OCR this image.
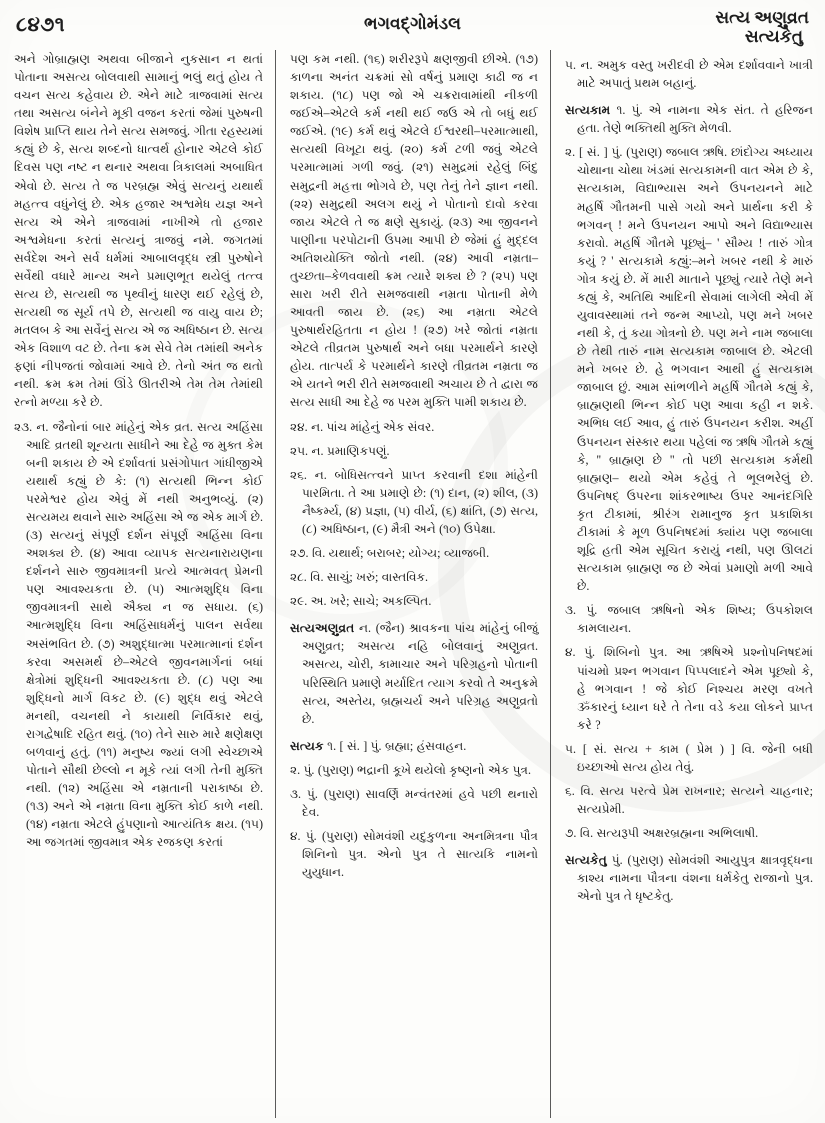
૮૪૭૧	ભગવદ્ગોમંડલ	સત્ય અણુવ્રત
સત્યકેતુ

અને ગોબ્રાહ્મણ અથવા બીજાને નુકસાન ન થતાં પોતાના અસત્ય બોલવાથી સામાનું ભલું થતું હોય તે વચન સત્ય કહેવાય છે. એને માટે ત્રાજવામાં સત્ય તથા અસત્ય બંનેને મૂકી વજન કરતાં જેમાં પુરુષની વિશેષ પ્રાપ્તિ થાય તેને સત્ય સમજવું. ગીતા રહસ્યમાં કહ્યું છે કે, સત્ય શબ્દનો ધાત્વર્થ હોનાર એટલે કોઈ દિવસ પણ નષ્ટ ન થનાર અથવા ત્રિકાલમાં અબાધિત એવો છે. સત્ય તે જ પરબ્રહ્મ એવું સત્યનું યથાર્થ મહત્ત્વ વધુંનેલું છે. એક હજાર અશ્વમેધ યજ્ઞ અને સત્ય એ એને ત્રાજવામાં નાખીએ તો હજાર અશ્વમેધના કરતાં સત્યનું ત્રાજવું નમે. જગતમાં સર્વદેશ અને સર્વ ધર્મમાં આબાલવૃદ્ધ સ્ત્રી પુરુષોને સર્વેથી વધારે માન્ય અને પ્રમાણભૂત થયેલું તત્ત્વ સત્ય છે, સત્યથી જ પૃથ્વીનું ધારણ થઈ રહેલું છે, સત્યથી જ સૂર્ય તપે છે, સત્યથી જ વાયુ વાય છે; મતલબ કે આ સર્વેનું સત્ય એ જ અધિષ્ઠાન છે. સત્ય એક વિશાળ વટ છે. તેના ક્રમ સેવે તેમ તમાંથી અનેક ફણાં નીપજતાં જોવામાં આવે છે. તેનો અંત જ થતો નથી. ક્રમ ક્રમ તેમાં ઊંડે ઊતરીએ તેમ તેમ તેમાંથી રત્નો મળ્યા કરે છે.

૨૩. ન. જૈનોનાં બાર માંહેનું એક વ્રત. સત્ય અહિંસા આદિ વ્રતથી શૂન્યતા સાધીને આ દેહે જ મુક્ત કેમ બની શકાય છે એ દર્શાવતાં પ્રસંગોપાત ગાંધીજીએ યથાર્થ કહ્યું છે કે: (૧) સત્યથી ભિન્ન કોઈ પરમેશ્વર હોય એવું મેં નથી અનુભવ્યું. (૨) સત્યમય થવાને સારુ અહિંસા એ જ એક માર્ગ છે. (૩) સત્યનું સંપૂર્ણ દર્શન સંપૂર્ણ અહિંસા વિના અશક્ય છે. (૪) આવા વ્યાપક સત્યનારાયણના દર્શનને સારુ જીવમાત્રની પ્રત્યે આત્મવત્ પ્રેમની પણ આવશ્યકતા છે. (૫) આત્મશુદ્ધિ વિના જીવમાત્રની સાથે ઐક્ય ન જ સધાય. (૬) આત્મશુદ્ધિ વિના અહિંસાધર્મનું પાલન સર્વથા અસંભવિત છે. (૭) અશુદ્ધાત્મા પરમાત્માનાં દર્શન કરવા અસમર્થ છે–એટલે જીવનમાર્ગનાં બધાં ક્ષેત્રોમાં શુદ્ધિની આવશ્યકતા છે. (૮) પણ આ શુદ્ધિનો માર્ગ વિકટ છે. (૯) શુદ્ધ થવું એટલે મનથી, વચનથી ને કાયાથી નિર્વિકાર થવું, રાગદ્વેષાદિ રહિત થવું. (૧૦) તેને સારુ મારે ક્ષણેક્ષણ બળવાનું હતું. (૧૧) મનુષ્ય જ્યાં લગી સ્વેચ્છાએ પોતાને સૌથી છેલ્લો ન મૂકે ત્યાં લગી તેની મુક્તિ નથી. (૧૨) અહિંસા એ નમ્રતાની પરાકાષ્ઠા છે. (૧૩) અને એ નમ્રતા વિના મુક્તિ કોઈ કાળે નથી. (૧૪) નમ્રતા એટલે હુંપણાનો આત્યંતિક ક્ષય. (૧૫) આ જગતમાં જીવમાત્ર એક રજકણ કરતાં

પણ કમ નથી. (૧૬) શરીરરૂપે ક્ષણજીવી છીએ. (૧૭) કાળના અનંત ચક્રમાં સો વર્ષનું પ્રમાણ કાઢી જ ન શકાય. (૧૮) પણ જો એ ચક્રરાવામાંથી નીકળી જઈએ–એટલે કર્મ નથી થઈ જઉ એ તો બધું થઈ જઈએ. (૧૯) કર્મ થવું એટલે ઈશ્વરથી–પરમાત્માથી, સત્યથી વિખૂટા થવું. (૨૦) કર્મ ટળી જવું એટલે પરમાત્મામાં ગળી જવું. (૨૧) સમુદ્રમાં રહેલું બિંદુ સમુદ્રની મહત્તા ભોગવે છે, પણ તેનું તેને જ્ઞાન નથી. (૨૨) સમુદ્રથી અલગ થયું ને પોતાનો દાવો કરવા જાય એટલે તે જ ક્ષણે સુકાયું. (૨૩) આ જીવનને પાણીના પરપોટાની ઉપમા આપી છે જેમાં હું મુદ્દલ અતિશયોક્તિ જોતો નથી. (૨૪) આવી નમ્રતા–તુચ્છતા–કેળવવાથી ક્રમ ત્યારે શક્ય છે ? (૨૫) પણ સારા ખરી રીતે સમજવાથી નમ્રતા પોતાની મેળે આવતી જાય છે. (૨૬) આ નમ્રતા એટલે પુરુષાર્થરહિતતા ન હોય ! (૨૭) ખરે જોતાં નમ્રતા એટલે તીવ્રતમ પુરુષાર્થ અને બધા પરમાર્થને કારણે હોય. તાત્પર્ય કે પરમાર્થને કારણે તીવ્રતમ નમ્રતા જ એ યતને ભરી રીતે સમજવાથી અચાય છે તે દ્વારા જ સત્ય સાધી આ દેહે જ પરમ મુક્તિ પામી શકાય છે.

૨૪. ન. પાંચ માંહેનું એક સંવર.

૨૫. ન. પ્રમાણિકપણું.

૨૬. ન. બોધિસત્ત્વને પ્રાપ્ત કરવાની દશા માંહેની પારમિતા. તે આ પ્રમાણે છે: (૧) દાન, (૨) શીલ, (૩) નૈષ્કર્મ્ય, (૪) પ્રજ્ઞા, (૫) વીર્ય, (૬) ક્ષાંતિ, (૭) સત્ય, (૮) અધિષ્ઠાન, (૯) મૈત્રી અને (૧૦) ઉપેક્ષા.

૨૭. વિ. યથાર્થ; બરાબર; યોગ્ય; વ્યાજબી.

૨૮. વિ. સાચું; ખરું; વાસ્તવિક.

૨૯. અ. ખરે; સાચે; અકલ્પિત.

સત્યઅણુવ્રત ન. (જૈન) શ્રાવકના પાંચ માંહેનું બીજું અણુવ્રત; અસત્ય નહિ બોલવાનું અણુવ્રત. અસત્ય, ચોરી, કામાચાર અને પરિગ્રહનો પોતાની પરિસ્થિતિ પ્રમાણે મર્યાદિત ત્યાગ કરવો તે અનુક્રમે સત્ય, અસ્તેય, બ્રહ્મચર્ય અને પરિગ્રહ અણુવ્રતો છે.

સત્યક ૧. [ સં. ] પું. બ્રહ્મા; હંસવાહન.

૨. પું. (પુરાણ) ભદ્રાની કૂખે થયેલો કૃષ્ણનો એક પુત્ર.

૩. પું. (પુરાણ) સાવર્ણિ મન્વંતરમાં હવે પછી થનારો દેવ.

૪. પું. (પુરાણ) સોમવંશી યદુકુળના અનમિત્રના પૌત્ર શિનિનો પુત્ર. એનો પુત્ર તે સાત્યકિ નામનો યુયુધાન.

૫. ન. અમુક વસ્તુ ખરીદવી છે એમ દર્શાવવાને ખાત્રી માટે અપાતું પ્રથમ બહાનું.

સત્યકામ ૧. પું. એ નામના એક સંત. તે હરિજન હતા. તેણે ભક્તિથી મુક્તિ મેળવી.

૨. [ સં. ] પું. (પુરાણ) જબાલ ઋષિ. છાંદોગ્ય અધ્યાય ચોથાના ચોથા ખંડમાં સત્યકામની વાત એમ છે કે, સત્યકામ, વિદ્યાભ્યાસ અને ઉપનયનને માટે મહર્ષિ ગૌતમની પાસે ગયો અને પ્રાર્થના કરી કે ભગવન્ ! મને ઉપનયન આપો અને વિદ્યાભ્યાસ કરાવો. મહર્ષિ ગૌતમે પૂછ્યું– ' સૌમ્ય ! તારું ગોત્ર કયું ? ' સત્યકામે કહ્યું:–મને ખબર નથી કે મારું ગોત્ર કયું છે. મેં મારી માતાને પૂછ્યું ત્યારે તેણે મને કહ્યું કે, અતિથિ આદિની સેવામાં લાગેલી એવી મેં યુવાવસ્થામાં તને જન્મ આપ્યો, પણ મને ખબર નથી કે, તું કયા ગોત્રનો છે. પણ મને નામ જબાલા છે તેથી તારું નામ સત્યકામ જાબાલ છે. એટલી મને ખબર છે. હે ભગવાન આથી હું સત્યકામ જાબાલ છું. આમ સાંભળીને મહર્ષિ ગૌતમે કહ્યું કે, બ્રાહ્મણથી ભિન્ન કોઈ પણ આવા કહી ન શકે. અભિધ લઈ આવ, હું તારું ઉપનયન કરીશ. અહીં ઉપનયન સંસ્કાર થયા પહેલાં જ ઋષિ ગૌતમે કહ્યું કે, '' બ્રાહ્મણ છે '' તો પછી સત્યકામ કર્મથી બ્રાહ્મણ– થયો એમ કહેવું તે ભૂલભરેલું છે. ઉપનિષદ્ ઉપરના શાંકરભાષ્ય ઉપર આનંદગિરિ કૃત ટીકામાં, શ્રીરંગ રામાનુજ કૃત પ્રકાશિકા ટીકામાં કે મૂળ ઉપનિષદમાં ક્યાંય પણ જબાલા શૂદ્રિ હતી એમ સૂચિત કરાયું નથી, પણ ઊલટાં સત્યકામ બ્રાહ્મણ જ છે એવાં પ્રમાણો મળી આવે છે.

૩. પું. જબાલ ઋષિનો એક શિષ્ય; ઉપકોશલ કામલાયન.

૪. પું. શિબિનો પુત્ર. આ ઋષિએ પ્રશ્નોપનિષદમાં પાંચમો પ્રશ્ન ભગવાન પિપ્પલાદને એમ પૂછ્યો કે, હે ભગવાન ! જે કોઈ નિશ્ચય મરણ વખતે ૐકારનું ધ્યાન ધરે તે તેના વડે કયા લોકને પ્રાપ્ત કરે ?

૫. [ સં. સત્ય + કામ ( પ્રેમ ) ] વિ. જેની બધી ઇચ્છાઓ સત્ય હોય તેવું.

૬. વિ. સત્ય પરત્વે પ્રેમ રાખનાર; સત્યને ચાહનાર; સત્યપ્રેમી.

૭. વિ. સત્યરૂપી અક્ષરબ્રહ્મના અભિલાષી.

સત્યકેતુ પું. (પુરાણ) સોમવંશી આયુપુત્ર ક્ષાત્રવૃદ્ધના કાશ્ય નામના પૌત્રના વંશના ધર્મકેતુ રાજાનો પુત્ર. એનો પુત્ર તે ધૃષ્ટકેતુ.
